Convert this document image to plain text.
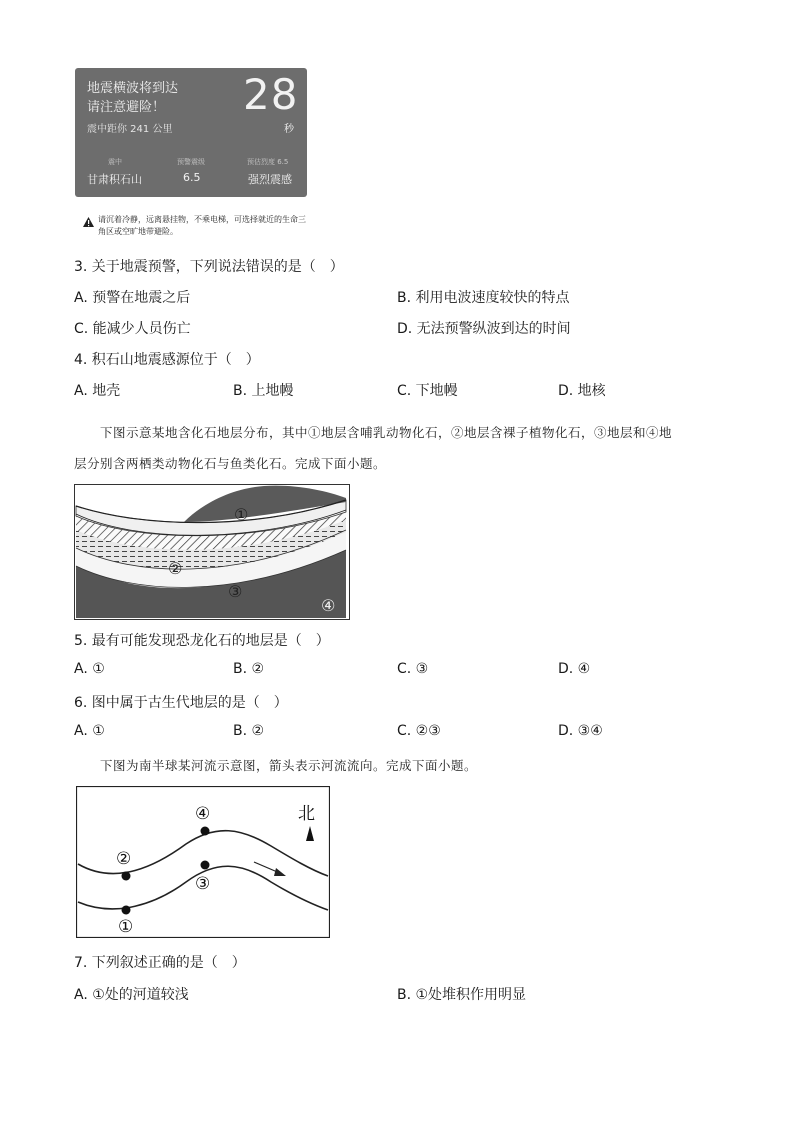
地震横波将到达
请注意避险！
震中距你 241 公里
28
秒
震中	预警震级	预估烈度 6.5
甘肃积石山	6.5	强烈震感
请沉着冷静，远离悬挂物，不乘电梯，可选择就近的生命三角区或空旷地带避险。
3. 关于地震预警，下列说法错误的是（　）
A. 预警在地震之后	B. 利用电波速度较快的特点
C. 能减少人员伤亡	D. 无法预警纵波到达的时间
4. 积石山地震感源位于（　）
A. 地壳	B. 上地幔	C. 下地幔	D. 地核
下图示意某地含化石地层分布，其中①地层含哺乳动物化石，②地层含裸子植物化石，③地层和④地
层分别含两栖类动物化石与鱼类化石。完成下面小题。
①
②
③
④
5. 最有可能发现恐龙化石的地层是（　）
A. ①	B. ②	C. ③	D. ④
6. 图中属于古生代地层的是（　）
A. ①	B. ②	C. ②③	D. ③④
下图为南半球某河流示意图，箭头表示河流流向。完成下面小题。
北
②
④
③
①
7. 下列叙述正确的是（　）
A. ①处的河道较浅	B. ①处堆积作用明显
